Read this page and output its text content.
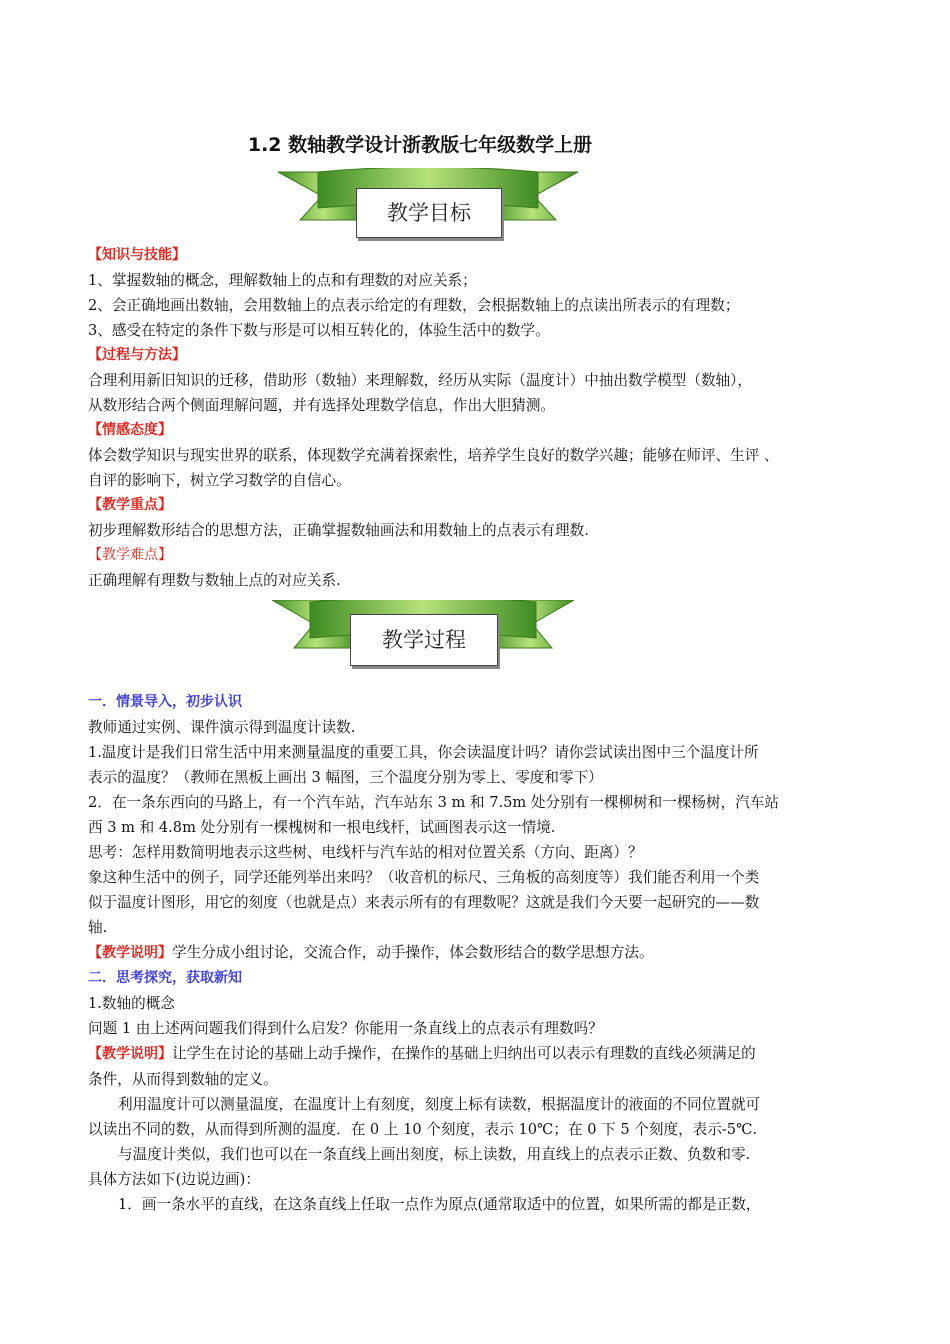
1.2 数轴教学设计浙教版七年级数学上册
教学目标

【知识与技能】

1、掌握数轴的概念，理解数轴上的点和有理数的对应关系；

2、会正确地画出数轴，会用数轴上的点表示给定的有理数，会根据数轴上的点读出所表示的有理数；

3、感受在特定的条件下数与形是可以相互转化的，体验生活中的数学。

【过程与方法】

合理利用新旧知识的迁移，借助形（数轴）来理解数，经历从实际（温度计）中抽出数学模型（数轴），

从数形结合两个侧面理解问题，并有选择处理数学信息，作出大胆猜测。

【情感态度】

体会数学知识与现实世界的联系，体现数学充满着探索性，培养学生良好的数学兴趣；能够在师评、生评 、

自评的影响下，树立学习数学的自信心。

【教学重点】

初步理解数形结合的思想方法，正确掌握数轴画法和用数轴上的点表示有理数.

【教学难点】

正确理解有理数与数轴上点的对应关系.

教学过程

一．情景导入，初步认识

教师通过实例、课件演示得到温度计读数.

1.温度计是我们日常生活中用来测量温度的重要工具，你会读温度计吗？请你尝试读出图中三个温度计所

表示的温度？（教师在黑板上画出 3 幅图，三个温度分别为零上、零度和零下）

2．在一条东西向的马路上，有一个汽车站，汽车站东 3 m 和 7.5m 处分别有一棵柳树和一棵杨树，汽车站

西 3 m 和 4.8m 处分别有一棵槐树和一根电线杆，试画图表示这一情境.

思考：怎样用数简明地表示这些树、电线杆与汽车站的相对位置关系（方向、距离）？

象这种生活中的例子，同学还能列举出来吗？（收音机的标尺、三角板的高刻度等）我们能否利用一个类

似于温度计图形，用它的刻度（也就是点）来表示所有的有理数呢？这就是我们今天要一起研究的——数

轴.

【教学说明】学生分成小组讨论，交流合作，动手操作，体会数形结合的数学思想方法。

二．思考探究，获取新知

1.数轴的概念

问题 1 由上述两问题我们得到什么启发？你能用一条直线上的点表示有理数吗？

【教学说明】让学生在讨论的基础上动手操作，在操作的基础上归纳出可以表示有理数的直线必须满足的

条件，从而得到数轴的定义。

利用温度计可以测量温度，在温度计上有刻度，刻度上标有读数，根据温度计的液面的不同位置就可

以读出不同的数，从而得到所测的温度．在 0 上 10 个刻度，表示 10℃；在 0 下 5 个刻度，表示-5℃.

与温度计类似，我们也可以在一条直线上画出刻度，标上读数，用直线上的点表示正数、负数和零.

具体方法如下(边说边画)：

1．画一条水平的直线，在这条直线上任取一点作为原点(通常取适中的位置，如果所需的都是正数，
